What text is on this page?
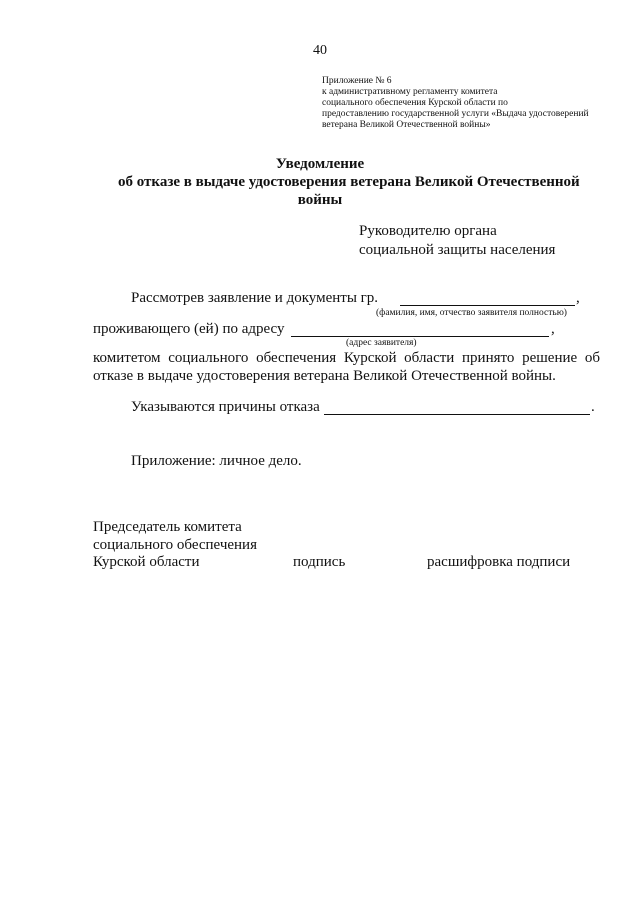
40
Приложение № 6
к административному регламенту комитета
социального обеспечения Курской области по
предоставлению государственной услуги «Выдача удостоверений
ветерана Великой Отечественной войны»
Уведомление
об отказе в выдаче удостоверения ветерана Великой Отечественной
войны
Руководителю органа
социальной защиты населения
Рассмотрев заявление и документы гр.	,
(фамилия, имя, отчество заявителя полностью)
проживающего (ей) по адресу	,
(адрес заявителя)
комитетом социального обеспечения Курской области принято решение об
отказе в выдаче удостоверения ветерана Великой Отечественной войны.
Указываются причины отказа	.
Приложение: личное дело.
Председатель комитета
социального обеспечения
Курской области	подпись	расшифровка подписи
